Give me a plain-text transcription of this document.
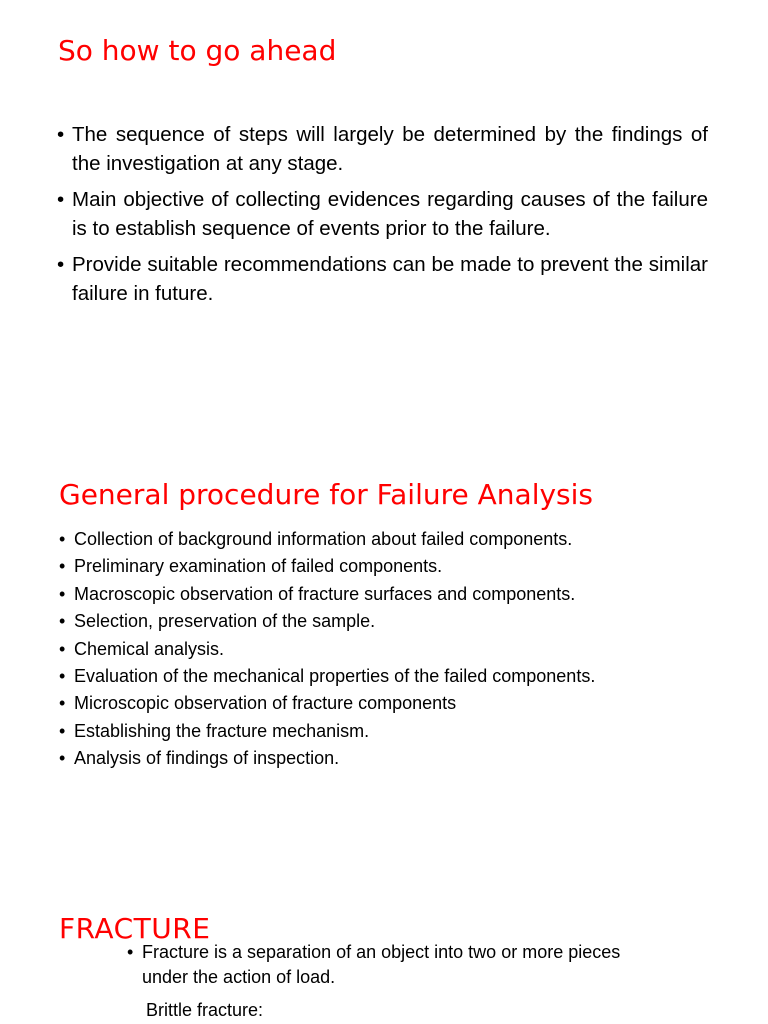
So how to go ahead
• The sequence of steps will largely be determined by the findings of the investigation at any stage.
• Main objective of collecting evidences regarding causes of the failure is to establish sequence of events prior to the failure.
• Provide suitable recommendations can be made to prevent the similar failure in future.
General procedure for Failure Analysis
• Collection of background information about failed components.
• Preliminary examination of failed components.
• Macroscopic observation of fracture surfaces and components.
• Selection, preservation of the sample.
• Chemical analysis.
• Evaluation of the mechanical properties of the failed components.
• Microscopic observation of fracture components
• Establishing the fracture mechanism.
• Analysis of findings of inspection.
FRACTURE
• Fracture is a separation of an object into two or more pieces under the action of load.

Brittle fracture:
